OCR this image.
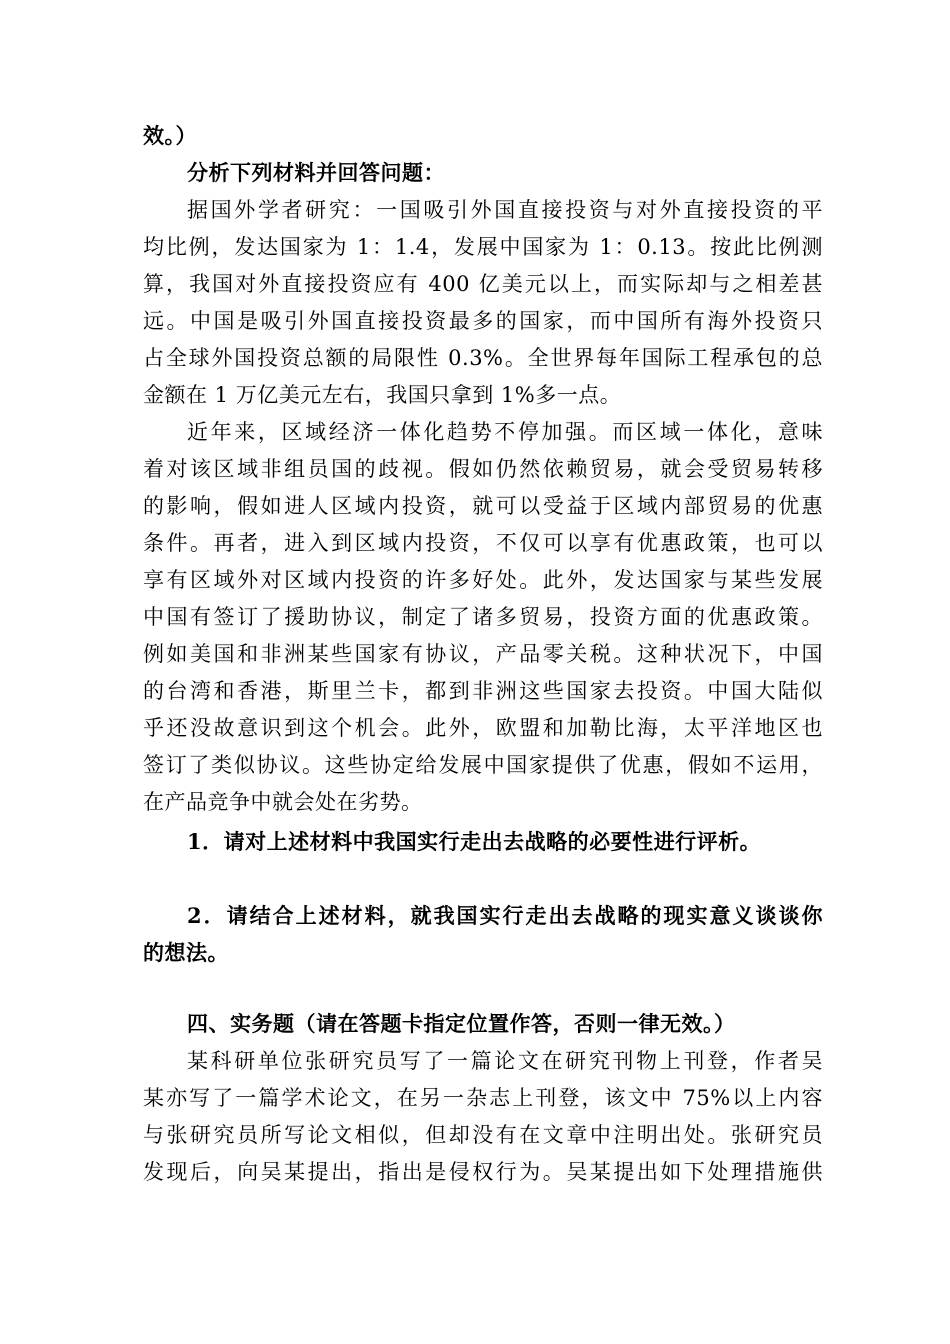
效。）
分析下列材料并回答问题：
据国外学者研究：一国吸引外国直接投资与对外直接投资的平
均比例，发达国家为 1：1.4，发展中国家为 1：0.13。按此比例测
算，我国对外直接投资应有 400 亿美元以上，而实际却与之相差甚
远。中国是吸引外国直接投资最多的国家，而中国所有海外投资只
占全球外国投资总额的局限性 0.3%。全世界每年国际工程承包的总
金额在 1 万亿美元左右，我国只拿到 1%多一点。
近年来，区域经济一体化趋势不停加强。而区域一体化，意味
着对该区域非组员国的歧视。假如仍然依赖贸易，就会受贸易转移
的影响，假如进人区域内投资，就可以受益于区域内部贸易的优惠
条件。再者，进入到区域内投资，不仅可以享有优惠政策，也可以
享有区域外对区域内投资的许多好处。此外，发达国家与某些发展
中国有签订了援助协议，制定了诸多贸易，投资方面的优惠政策。
例如美国和非洲某些国家有协议，产品零关税。这种状况下，中国
的台湾和香港，斯里兰卡，都到非洲这些国家去投资。中国大陆似
乎还没故意识到这个机会。此外，欧盟和加勒比海，太平洋地区也
签订了类似协议。这些协定给发展中国家提供了优惠，假如不运用，
在产品竞争中就会处在劣势。
1．请对上述材料中我国实行走出去战略的必要性进行评析。
2．请结合上述材料，就我国实行走出去战略的现实意义谈谈你
的想法。
四、实务题（请在答题卡指定位置作答，否则一律无效。）
某科研单位张研究员写了一篇论文在研究刊物上刊登，作者吴
某亦写了一篇学术论文，在另一杂志上刊登，该文中 75%以上内容
与张研究员所写论文相似，但却没有在文章中注明出处。张研究员
发现后，向吴某提出，指出是侵权行为。吴某提出如下处理措施供
